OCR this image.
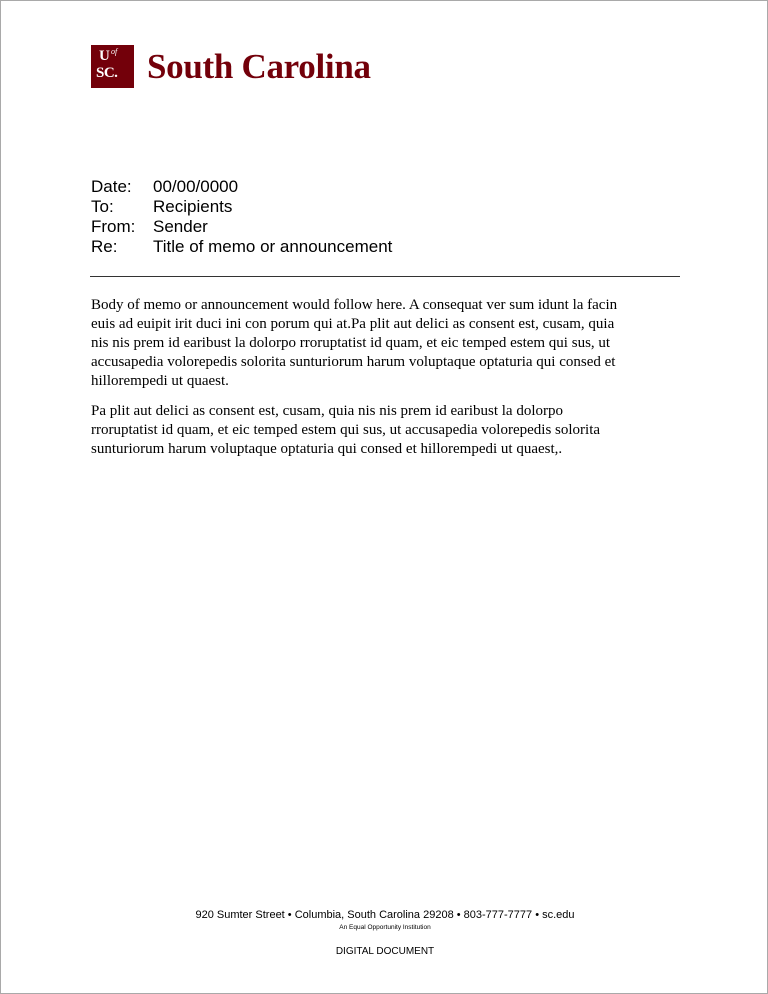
U of
SC. South Carolina
Date:	00/00/0000
To:	Recipients
From:	Sender
Re:	Title of memo or announcement

Body of memo or announcement would follow here. A consequat ver sum idunt la facin
euis ad euipit irit duci ini con porum qui at.Pa plit aut delici as consent est, cusam, quia
nis nis prem id earibust la dolorpo rroruptatist id quam, et eic temped estem qui sus, ut
accusapedia volorepedis solorita sunturiorum harum voluptaque optaturia qui consed et
hillorempedi ut quaest.

Pa plit aut delici as consent est, cusam, quia nis nis prem id earibust la dolorpo
rroruptatist id quam, et eic temped estem qui sus, ut accusapedia volorepedis solorita
sunturiorum harum voluptaque optaturia qui consed et hillorempedi ut quaest,.

920 Sumter Street • Columbia, South Carolina 29208 • 803-777-7777 • sc.edu
An Equal Opportunity Institution
DIGITAL DOCUMENT
